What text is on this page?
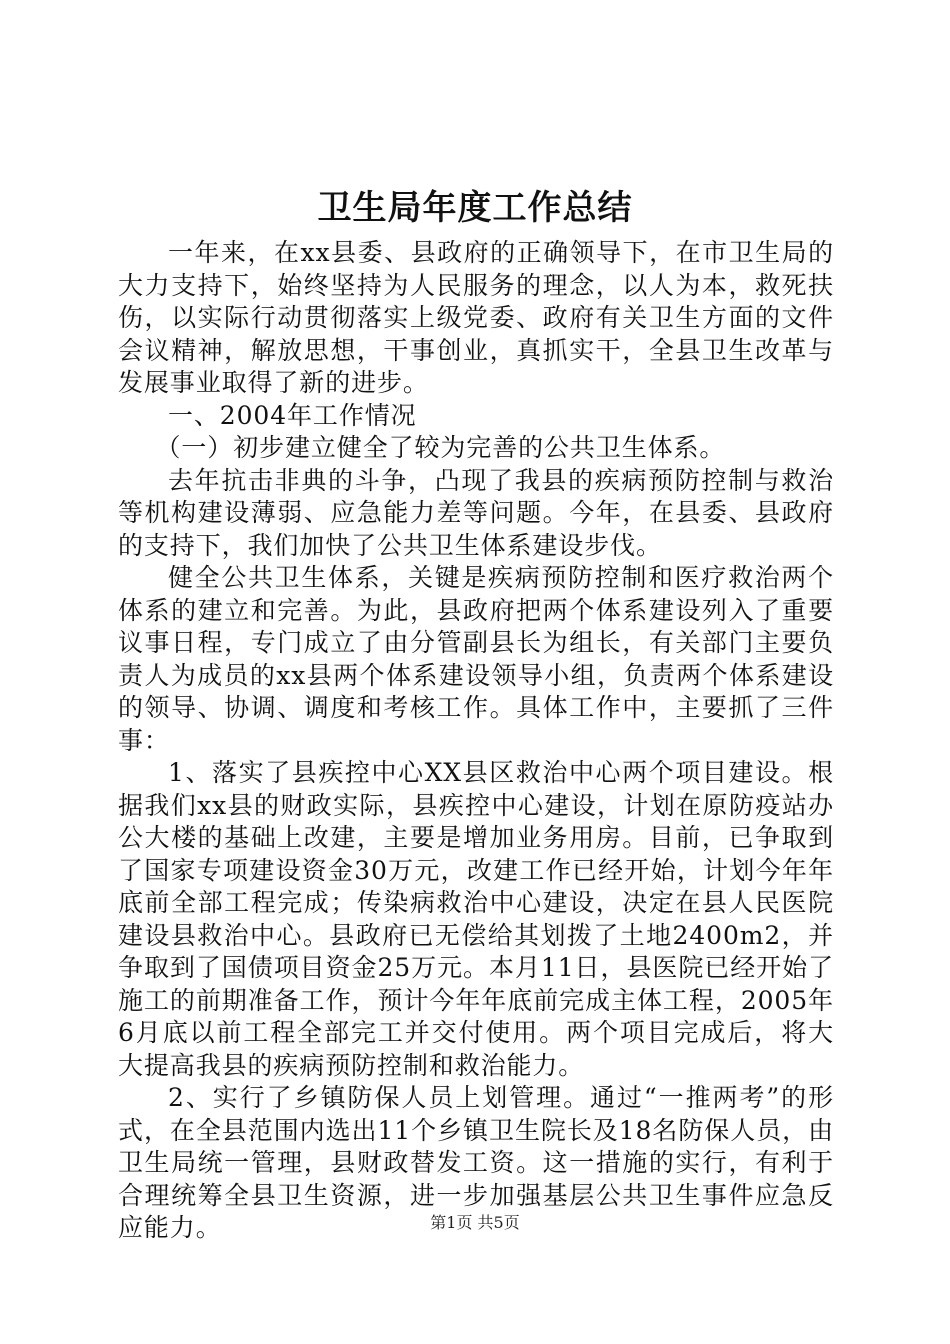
卫生局年度工作总结

一年来，在xx县委、县政府的正确领导下，在市卫生局的大力支持下，始终坚持为人民服务的理念，以人为本，救死扶伤，以实际行动贯彻落实上级党委、政府有关卫生方面的文件会议精神，解放思想，干事创业，真抓实干，全县卫生改革与发展事业取得了新的进步。

一、2004年工作情况

（一）初步建立健全了较为完善的公共卫生体系。

去年抗击非典的斗争，凸现了我县的疾病预防控制与救治等机构建设薄弱、应急能力差等问题。今年，在县委、县政府的支持下，我们加快了公共卫生体系建设步伐。

健全公共卫生体系，关键是疾病预防控制和医疗救治两个体系的建立和完善。为此，县政府把两个体系建设列入了重要议事日程，专门成立了由分管副县长为组长，有关部门主要负责人为成员的xx县两个体系建设领导小组，负责两个体系建设的领导、协调、调度和考核工作。具体工作中，主要抓了三件事：

1、落实了县疾控中心XX县区救治中心两个项目建设。根据我们xx县的财政实际，县疾控中心建设，计划在原防疫站办公大楼的基础上改建，主要是增加业务用房。目前，已争取到了国家专项建设资金30万元，改建工作已经开始，计划今年年底前全部工程完成；传染病救治中心建设，决定在县人民医院建设县救治中心。县政府已无偿给其划拨了土地2400m2，并争取到了国债项目资金25万元。本月11日，县医院已经开始了施工的前期准备工作，预计今年年底前完成主体工程，2005年6月底以前工程全部完工并交付使用。两个项目完成后，将大大提高我县的疾病预防控制和救治能力。

2、实行了乡镇防保人员上划管理。通过“一推两考”的形式，在全县范围内选出11个乡镇卫生院长及18名防保人员，由卫生局统一管理，县财政替发工资。这一措施的实行，有利于合理统筹全县卫生资源，进一步加强基层公共卫生事件应急反应能力。	第1页 共5页
